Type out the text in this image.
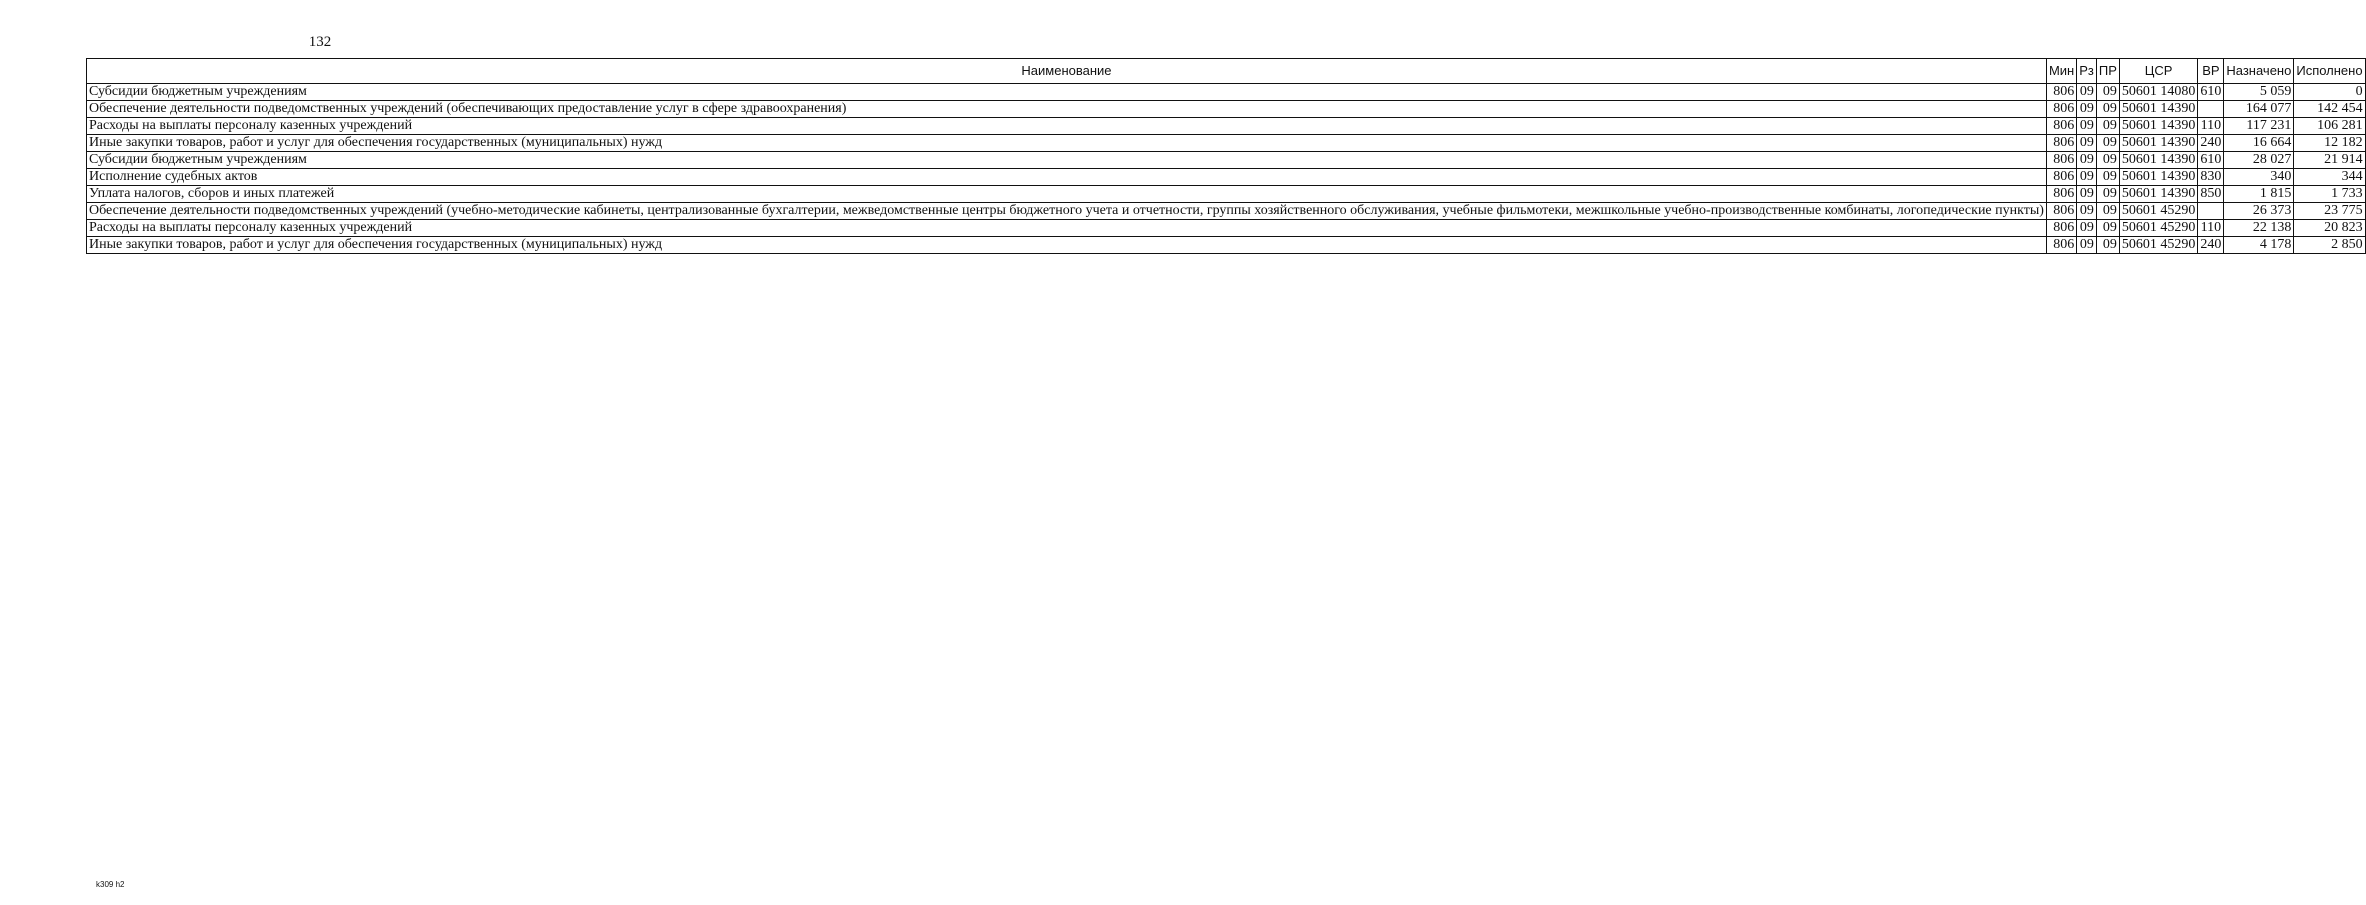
132
Наименование	Мин	Рз	ПР	ЦСР	ВР	Назначено	Исполнено
Субсидии бюджетным учреждениям	806	09	09	50601 14080	610	5 059	0
Обеспечение деятельности подведомственных учреждений (обеспечивающих предоставление услуг в сфере здравоохранения)	806	09	09	50601 14390		164 077	142 454
Расходы на выплаты персоналу казенных учреждений	806	09	09	50601 14390	110	117 231	106 281
Иные закупки товаров, работ и услуг для обеспечения государственных (муниципальных) нужд	806	09	09	50601 14390	240	16 664	12 182
Субсидии бюджетным учреждениям	806	09	09	50601 14390	610	28 027	21 914
Исполнение судебных актов	806	09	09	50601 14390	830	340	344
Уплата налогов, сборов и иных платежей	806	09	09	50601 14390	850	1 815	1 733
Обеспечение деятельности подведомственных учреждений (учебно-методические кабинеты, централизованные бухгалтерии, межведомственные центры бюджетного учета и отчетности, группы хозяйственного обслуживания, учебные фильмотеки, межшкольные учебно-производственные комбинаты, логопедические пункты)	806	09	09	50601 45290		26 373	23 775
Расходы на выплаты персоналу казенных учреждений	806	09	09	50601 45290	110	22 138	20 823
Иные закупки товаров, работ и услуг для обеспечения государственных (муниципальных) нужд	806	09	09	50601 45290	240	4 178	2 850
k309 h2
